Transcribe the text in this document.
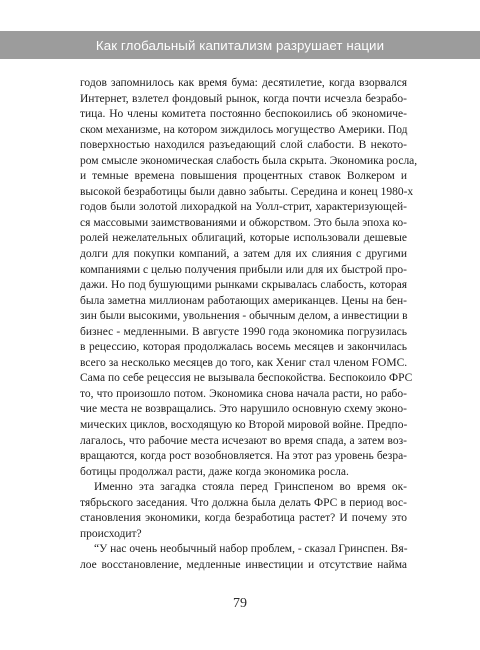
Как глобальный капитализм разрушает нации
годов запомнилось как время бума: десятилетие, когда взорвался
Интернет, взлетел фондовый рынок, когда почти исчезла безрабо-
тица. Но члены комитета постоянно беспокоились об экономиче-
ском механизме, на котором зиждилось могущество Америки. Под
поверхностью находился разъедающий слой слабости. В некото-
ром смысле экономическая слабость была скрыта. Экономика росла,
и темные времена повышения процентных ставок Волкером и
высокой безработицы были давно забыты. Середина и конец 1980-х
годов были золотой лихорадкой на Уолл-стрит, характеризующей-
ся массовыми заимствованиями и обжорством. Это была эпоха ко-
ролей нежелательных облигаций, которые использовали дешевые
долги для покупки компаний, а затем для их слияния с другими
компаниями с целью получения прибыли или для их быстрой про-
дажи. Но под бушующими рынками скрывалась слабость, которая
была заметна миллионам работающих американцев. Цены на бен-
зин были высокими, увольнения - обычным делом, а инвестиции в
бизнес - медленными. В августе 1990 года экономика погрузилась
в рецессию, которая продолжалась восемь месяцев и закончилась
всего за несколько месяцев до того, как Хениг стал членом FOMC.
Сама по себе рецессия не вызывала беспокойства. Беспокоило ФРС
то, что произошло потом. Экономика снова начала расти, но рабо-
чие места не возвращались. Это нарушило основную схему эконо-
мических циклов, восходящую ко Второй мировой войне. Предпо-
лагалось, что рабочие места исчезают во время спада, а затем воз-
вращаются, когда рост возобновляется. На этот раз уровень безра-
ботицы продолжал расти, даже когда экономика росла.
Именно эта загадка стояла перед Гринспеном во время ок-
тябрьского заседания. Что должна была делать ФРС в период вос-
становления экономики, когда безработица растет? И почему это
происходит?
“У нас очень необычный набор проблем, - сказал Гринспен. Вя-
лое восстановление, медленные инвестиции и отсутствие найма
79
